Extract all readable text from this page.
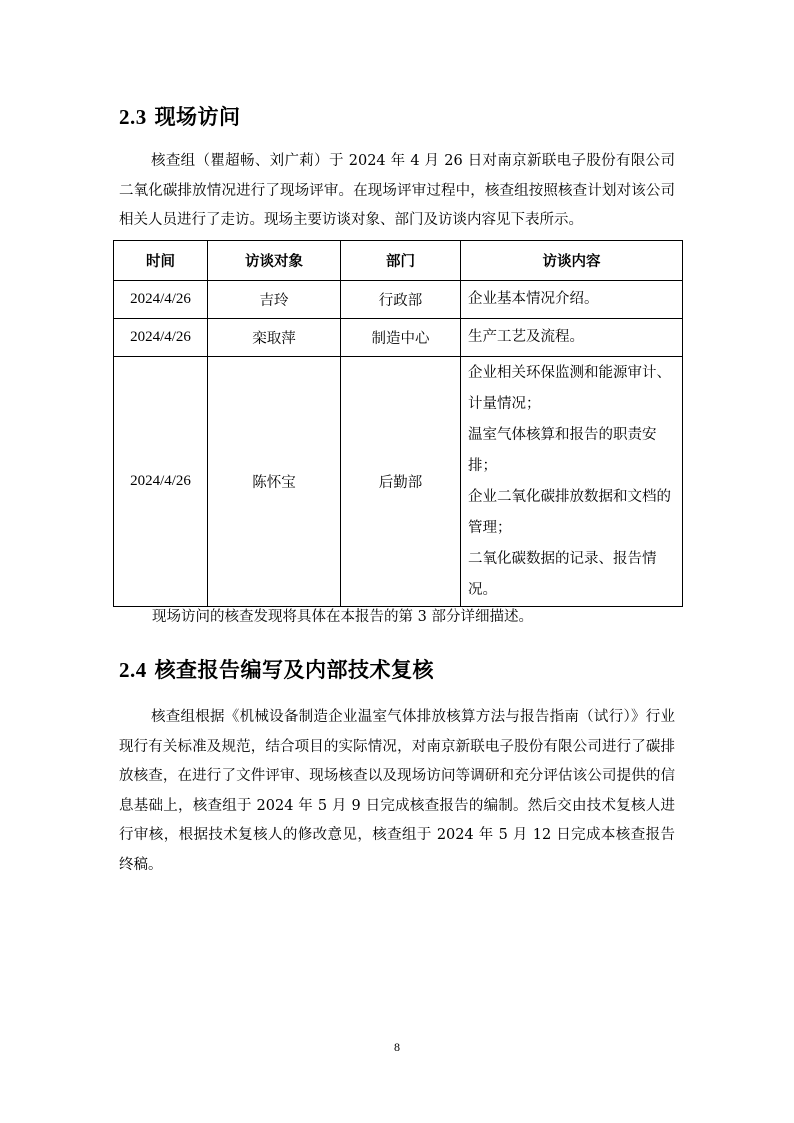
2.3 现场访问

核查组（瞿超畅、刘广莉）于 2024 年 4 月 26 日对南京新联电子股份有限公司二氧化碳排放情况进行了现场评审。在现场评审过程中，核查组按照核查计划对该公司相关人员进行了走访。现场主要访谈对象、部门及访谈内容见下表所示。

时间	访谈对象	部门	访谈内容
2024/4/26	吉玲	行政部	企业基本情况介绍。

2024/4/26	栾取萍	制造中心	生产工艺及流程。

2024/4/26	陈怀宝	后勤部	企业相关环保监测和能源审计、计量情况；
温室气体核算和报告的职责安排；
企业二氧化碳排放数据和文档的管理；
二氧化碳数据的记录、报告情况。

现场访问的核查发现将具体在本报告的第 3 部分详细描述。

2.4 核查报告编写及内部技术复核

核查组根据《机械设备制造企业温室气体排放核算方法与报告指南（试行）》行业现行有关标准及规范，结合项目的实际情况，对南京新联电子股份有限公司进行了碳排放核查，在进行了文件评审、现场核查以及现场访问等调研和充分评估该公司提供的信息基础上，核查组于 2024 年 5 月 9 日完成核查报告的编制。然后交由技术复核人进行审核，根据技术复核人的修改意见，核查组于 2024 年 5 月 12 日完成本核查报告终稿。

8
